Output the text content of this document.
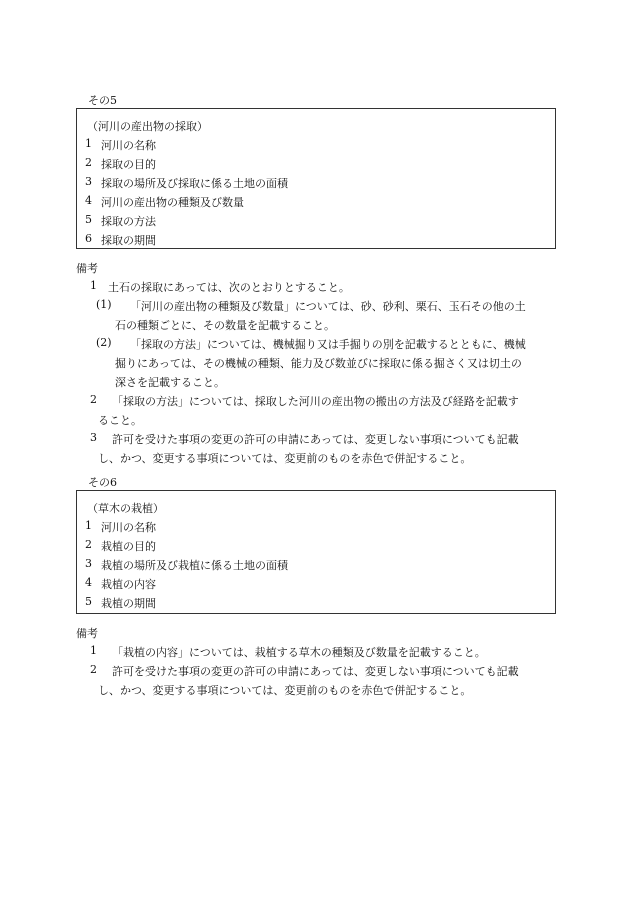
その5
（河川の産出物の採取）
1 河川の名称
2 採取の目的
3 採取の場所及び採取に係る土地の面積
4 河川の産出物の種類及び数量
5 採取の方法
6 採取の期間
備考
1 土石の採取にあっては、次のとおりとすること。
(1) 「河川の産出物の種類及び数量」については、砂、砂利、栗石、玉石その他の土
石の種類ごとに、その数量を記載すること。
(2) 「採取の方法」については、機械掘り又は手掘りの別を記載するとともに、機械
掘りにあっては、その機械の種類、能力及び数並びに採取に係る掘さく又は切土の
深さを記載すること。
2 「採取の方法」については、採取した河川の産出物の搬出の方法及び経路を記載す
ること。
3 許可を受けた事項の変更の許可の申請にあっては、変更しない事項についても記載
し、かつ、変更する事項については、変更前のものを赤色で併記すること。
その6
（草木の栽植）
1 河川の名称
2 栽植の目的
3 栽植の場所及び栽植に係る土地の面積
4 栽植の内容
5 栽植の期間
備考
1 「栽植の内容」については、栽植する草木の種類及び数量を記載すること。
2 許可を受けた事項の変更の許可の申請にあっては、変更しない事項についても記載
し、かつ、変更する事項については、変更前のものを赤色で併記すること。
